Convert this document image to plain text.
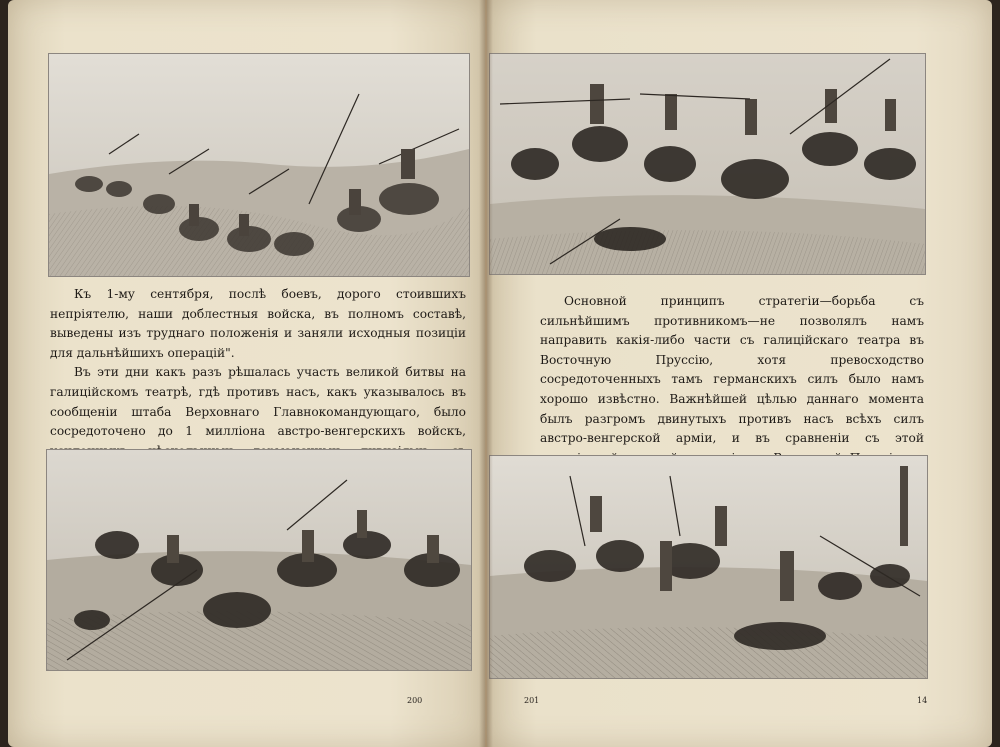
Къ 1-му сентября, послѣ боевъ, дорого стоившихъ непріятелю, наши доблестныя войска, въ полномъ составѣ, выведены изъ труднаго положенія и заняли исходныя позиціи для дальнѣйшихъ операцій".

Въ эти дни какъ разъ рѣшалась участь великой битвы на галиційскомъ театрѣ, гдѣ противъ насъ, какъ указывалось въ сообщеніи штаба Верховнаго Главнокомандующаго, было сосредоточено до 1 милліона австро-венгерскихъ войскъ,

200

Основной принципъ стратегіи—борьба съ сильнѣйшимъ противникомъ—не позволялъ намъ направить какія-либо части съ галиційскаго театра въ Восточную Пруссію, хотя превосходство сосредоточенныхъ тамъ германскихъ силъ было намъ хорошо извѣстно. Важнѣйшей цѣлью даннаго момента былъ разгромъ двинутыхъ противъ насъ всѣхъ силъ австро-венгерской арміи, и въ сравненіи съ этой

201	14
